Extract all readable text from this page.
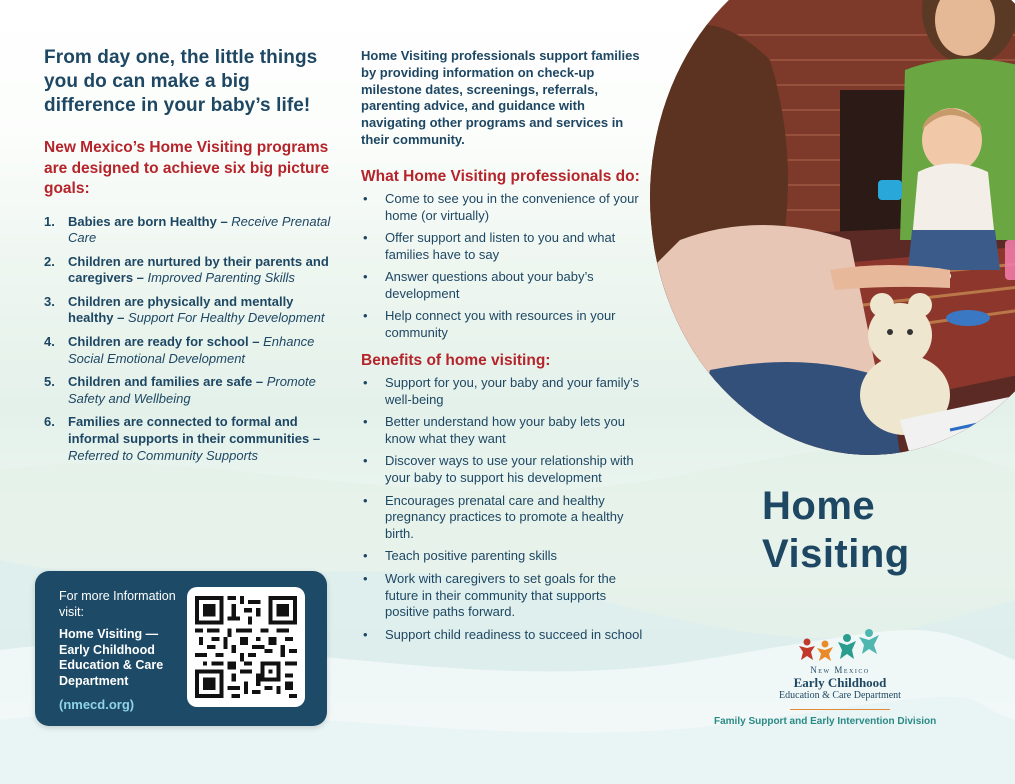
From day one, the little things you do can make a big difference in your baby’s life!
New Mexico’s Home Visiting programs are designed to achieve six big picture goals:
1. Babies are born Healthy – Receive Prenatal Care
2. Children are nurtured by their parents and caregivers – Improved Parenting Skills
3. Children are physically and mentally healthy – Support For Healthy Development
4. Children are ready for school – Enhance Social Emotional Development
5. Children and families are safe – Promote Safety and Wellbeing
6. Families are connected to formal and informal supports in their communities – Referred to Community Supports
For more Information visit:
Home Visiting — Early Childhood Education & Care Department
(nmecd.org)
Home Visiting professionals support families by providing information on check-up milestone dates, screenings, referrals, parenting advice, and guidance with navigating other programs and services in their community.
What Home Visiting professionals do:
• Come to see you in the convenience of your home (or virtually)
• Offer support and listen to you and what families have to say
• Answer questions about your baby’s development
• Help connect you with resources in your community
Benefits of home visiting:
• Support for you, your baby and your family’s well-being
• Better understand how your baby lets you know what they want
• Discover ways to use your relationship with your baby to support his development
• Encourages prenatal care and healthy pregnancy practices to promote a healthy birth.
• Teach positive parenting skills
• Work with caregivers to set goals for the future in their community that supports positive paths forward.
• Support child readiness to succeed in school
Home
Visiting
New Mexico
Early Childhood
Education & Care Department
Family Support and Early Intervention Division
